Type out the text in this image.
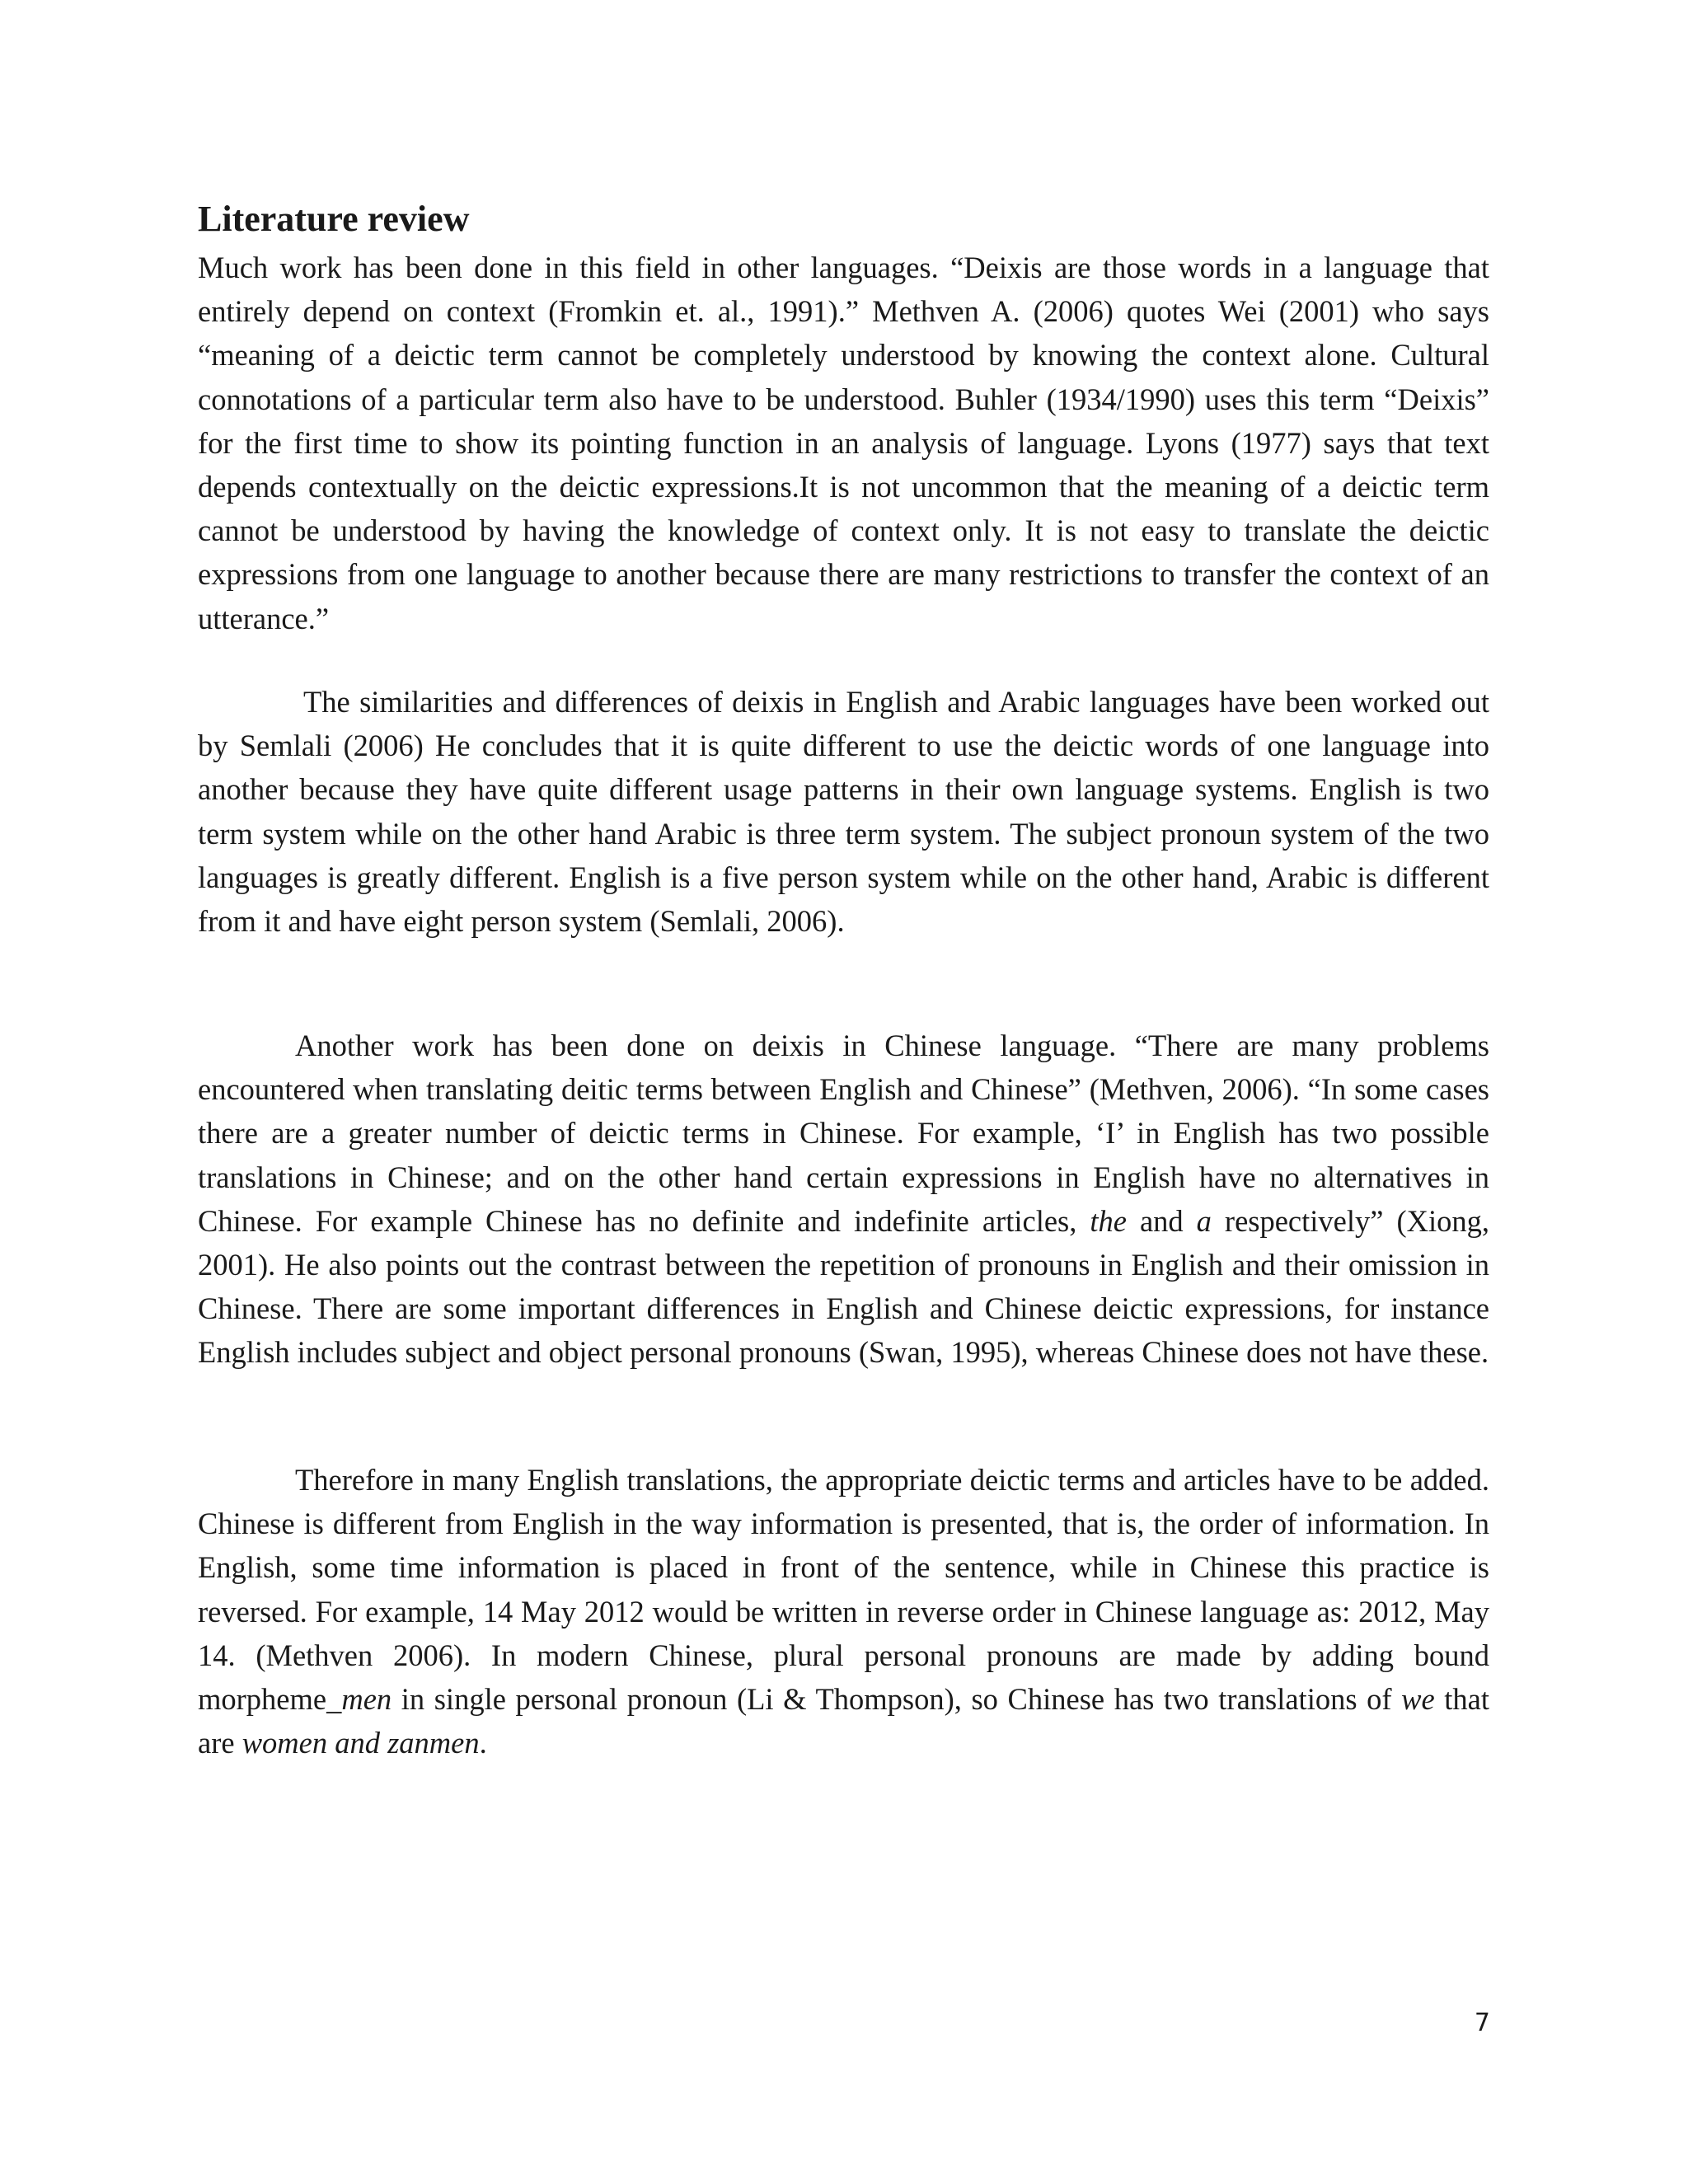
Literature review

Much work has been done in this field in other languages. “Deixis are those words in a language that entirely depend on context (Fromkin et. al., 1991).” Methven A. (2006) quotes Wei (2001) who says “meaning of a deictic term cannot be completely understood by knowing the context alone. Cultural connotations of a particular term also have to be understood. Buhler (1934/1990) uses this term “Deixis” for the first time to show its pointing function in an analysis of language. Lyons (1977) says that text depends contextually on the deictic expressions.It is not uncommon that the meaning of a deictic term cannot be understood by having the knowledge of context only. It is not easy to translate the deictic expressions from one language to another because there are many restrictions to transfer the context of an utterance.”

The similarities and differences of deixis in English and Arabic languages have been worked out by Semlali (2006) He concludes that it is quite different to use the deictic words of one language into another because they have quite different usage patterns in their own language systems. English is two term system while on the other hand Arabic is three term system. The subject pronoun system of the two languages is greatly different. English is a five person system while on the other hand, Arabic is different from it and have eight person system (Semlali, 2006).

Another work has been done on deixis in Chinese language. “There are many problems encountered when translating deitic terms between English and Chinese” (Methven, 2006). “In some cases there are a greater number of deictic terms in Chinese. For example, ‘I’ in English has two possible translations in Chinese; and on the other hand certain expressions in English have no alternatives in Chinese. For example Chinese has no definite and indefinite articles, the and a respectively” (Xiong, 2001). He also points out the contrast between the repetition of pronouns in English and their omission in Chinese. There are some important differences in English and Chinese deictic expressions, for instance English includes subject and object personal pronouns (Swan, 1995), whereas Chinese does not have these.

Therefore in many English translations, the appropriate deictic terms and articles have to be added. Chinese is different from English in the way information is presented, that is, the order of information. In English, some time information is placed in front of the sentence, while in Chinese this practice is reversed. For example, 14 May 2012 would be written in reverse order in Chinese language as: 2012, May 14. (Methven 2006). In modern Chinese, plural personal pronouns are made by adding bound morpheme_men in single personal pronoun (Li & Thompson), so Chinese has two translations of we that are women and zanmen.

7
